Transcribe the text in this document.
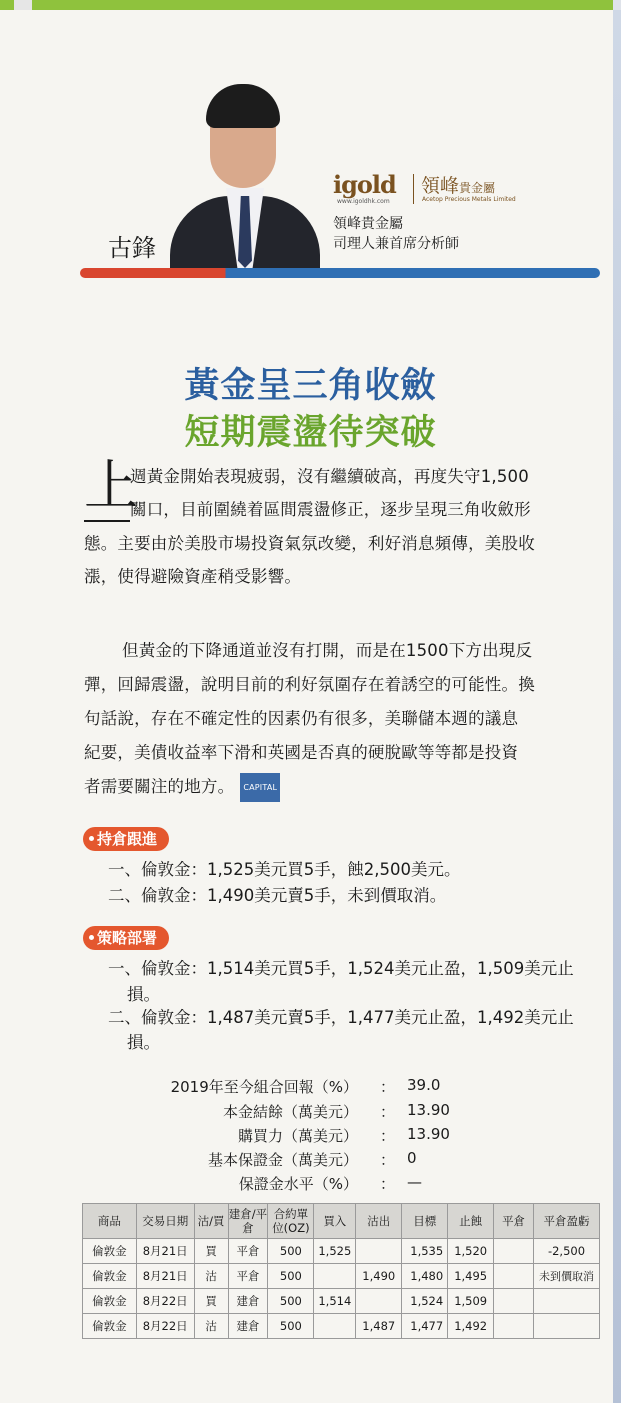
古鋒
igold
www.igoldhk.com
領峰貴金屬
Acetop Precious Metals Limited
領峰貴金屬
司理人兼首席分析師
黃金呈三角收斂
短期震盪待突破
上
週黃金開始表現疲弱，沒有繼續破高，再度失守1,500
關口，目前圍繞着區間震盪修正，逐步呈現三角收斂形
態。主要由於美股市場投資氣氛改變，利好消息頻傳，美股收
漲，使得避險資產稍受影響。
但黃金的下降通道並沒有打開，而是在1500下方出現反
彈，回歸震盪，說明目前的利好氛圍存在着誘空的可能性。換
句話說，存在不確定性的因素仍有很多，美聯儲本週的議息
紀要，美債收益率下滑和英國是否真的硬脫歐等等都是投資
者需要關注的地方。 CAPITAL
持倉跟進
一、倫敦金：1,525美元買5手，蝕2,500美元。
二、倫敦金：1,490美元賣5手，未到價取消。
策略部署
一、倫敦金：1,514美元買5手，1,524美元止盈，1,509美元止
損。
二、倫敦金：1,487美元賣5手，1,477美元止盈，1,492美元止
損。
2019年至今組合回報（%） ： 39.0
本金結餘（萬美元） ： 13.90
購買力（萬美元） ： 13.90
基本保證金（萬美元） ： 0
保證金水平（%） ： —
商品	交易日期	沽/買	建倉/平倉	合約單位(OZ)	買入	沽出	目標	止蝕	平倉	平倉盈虧
倫敦金	8月21日	買	平倉	500	1,525		1,535	1,520		-2,500
倫敦金	8月21日	沽	平倉	500		1,490	1,480	1,495		未到價取消
倫敦金	8月22日	買	建倉	500	1,514		1,524	1,509		
倫敦金	8月22日	沽	建倉	500		1,487	1,477	1,492		
